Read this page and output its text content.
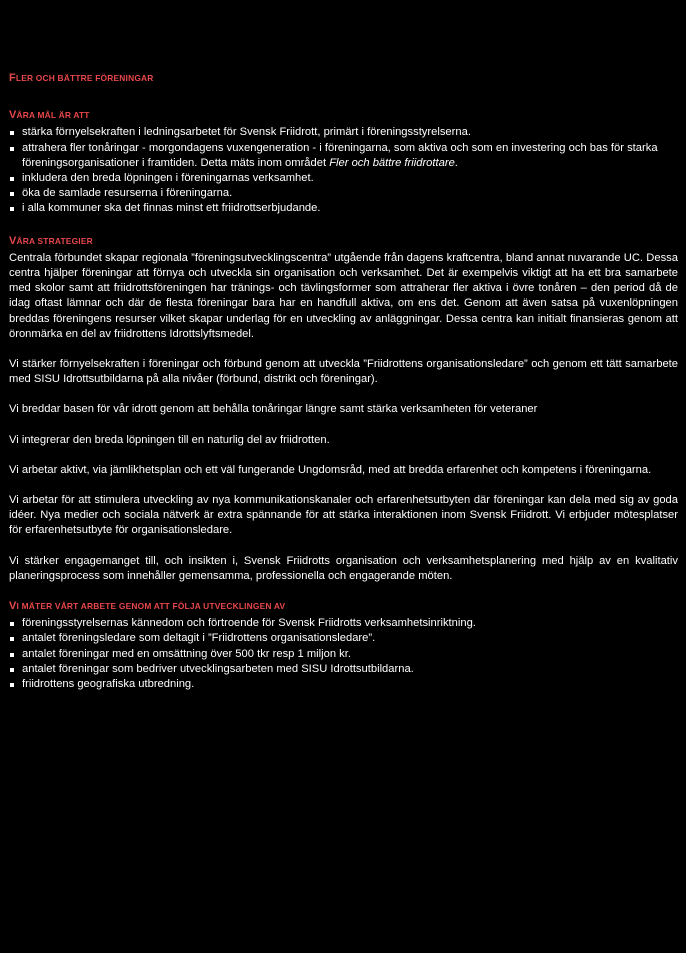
FLER OCH BÄTTRE FÖRENINGAR
VÅRA MÅL ÄR ATT
stärka förnyelsekraften i ledningsarbetet för Svensk Friidrott, primärt i föreningsstyrelserna.
attrahera fler tonåringar - morgondagens vuxengeneration - i föreningarna, som aktiva och som en investering och bas för starka föreningsorganisationer i framtiden. Detta mäts inom området Fler och bättre friidrottare.
inkludera den breda löpningen i föreningarnas verksamhet.
öka de samlade resurserna i föreningarna.
i alla kommuner ska det finnas minst ett friidrottserbjudande.
VÅRA STRATEGIER

Centrala förbundet skapar regionala ”föreningsutvecklingscentra” utgående från dagens kraftcentra, bland annat nuvarande UC. Dessa centra hjälper föreningar att förnya och utveckla sin organisation och verksamhet. Det är exempelvis viktigt att ha ett bra samarbete med skolor samt att friidrottsföreningen har tränings- och tävlingsformer som attraherar fler aktiva i övre tonåren – den period då de idag oftast lämnar och där de flesta föreningar bara har en handfull aktiva, om ens det. Genom att även satsa på vuxenlöpningen breddas föreningens resurser vilket skapar underlag för en utveckling av anläggningar. Dessa centra kan initialt finansieras genom att öronmärka en del av friidrottens Idrottslyftsmedel.

Vi stärker förnyelsekraften i föreningar och förbund genom att utveckla ”Friidrottens organisationsledare” och genom ett tätt samarbete med SISU Idrottsutbildarna på alla nivåer (förbund, distrikt och föreningar).

Vi breddar basen för vår idrott genom att behålla tonåringar längre samt stärka verksamheten för veteraner

Vi integrerar den breda löpningen till en naturlig del av friidrotten.

Vi arbetar aktivt, via jämlikhetsplan och ett väl fungerande Ungdomsråd, med att bredda erfarenhet och kompetens i föreningarna.

Vi arbetar för att stimulera utveckling av nya kommunikationskanaler och erfarenhetsutbyten där föreningar kan dela med sig av goda idéer. Nya medier och sociala nätverk är extra spännande för att stärka interaktionen inom Svensk Friidrott. Vi erbjuder mötesplatser för erfarenhetsutbyte för organisationsledare.

Vi stärker engagemanget till, och insikten i, Svensk Friidrotts organisation och verksamhetsplanering med hjälp av en kvalitativ planeringsprocess som innehåller gemensamma, professionella och engagerande möten.

VI MÄTER VÅRT ARBETE GENOM ATT FÖLJA UTVECKLINGEN AV
föreningsstyrelsernas kännedom och förtroende för Svensk Friidrotts verksamhetsinriktning.
antalet föreningsledare som deltagit i ”Friidrottens organisationsledare”.
antalet föreningar med en omsättning över 500 tkr resp 1 miljon kr.
antalet föreningar som bedriver utvecklingsarbeten med SISU Idrottsutbildarna.
friidrottens geografiska utbredning.
